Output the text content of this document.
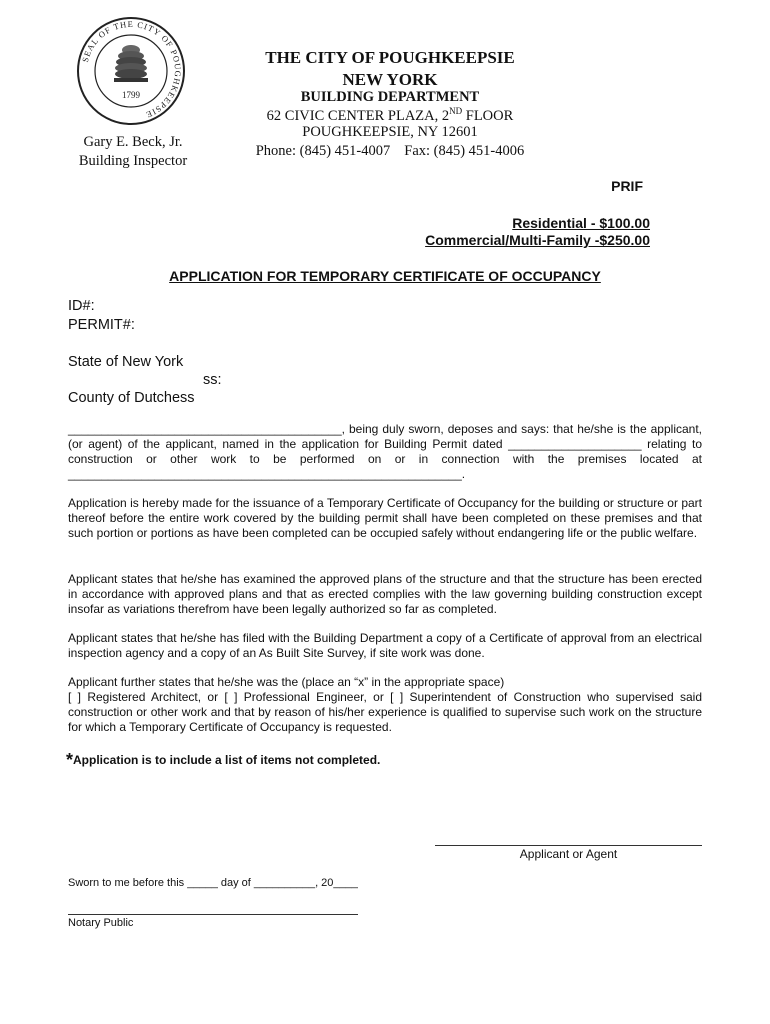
SEAL OF THE CITY OF POUGHKEEPSIE
1799
Gary E. Beck, Jr.
Building Inspector
THE CITY OF POUGHKEEPSIE
NEW YORK
BUILDING DEPARTMENT
62 CIVIC CENTER PLAZA, 2ND FLOOR
POUGHKEEPSIE, NY 12601
Phone: (845) 451-4007 Fax: (845) 451-4006
PRIF
Residential - $100.00
Commercial/Multi-Family -$250.00
APPLICATION FOR TEMPORARY CERTIFICATE OF OCCUPANCY
ID#:
PERMIT#:
State of New York
ss:
County of Dutchess

_________________________________________, being duly sworn, deposes and says: that he/she is the applicant, (or agent) of the applicant, named in the application for Building Permit dated ____________________ relating to construction or other work to be performed on or in connection with the premises located at ___________________________________________________________.

Application is hereby made for the issuance of a Temporary Certificate of Occupancy for the building or structure or part thereof before the entire work covered by the building permit shall have been completed on these premises and that such portion or portions as have been completed can be occupied safely without endangering life or the public welfare.

Applicant states that he/she has examined the approved plans of the structure and that the structure has been erected in accordance with approved plans and that as erected complies with the law governing building construction except insofar as variations therefrom have been legally authorized so far as completed.

Applicant states that he/she has filed with the Building Department a copy of a Certificate of approval from an electrical inspection agency and a copy of an As Built Site Survey, if site work was done.

Applicant further states that he/she was the (place an “x” in the appropriate space)
[ ] Registered Architect, or [ ] Professional Engineer, or [ ] Superintendent of Construction who supervised said construction or other work and that by reason of his/her experience is qualified to supervise such work on the structure for which a Temporary Certificate of Occupancy is requested.
*Application is to include a list of items not completed.
Applicant or Agent
Sworn to me before this _____ day of __________, 20____
Notary Public
